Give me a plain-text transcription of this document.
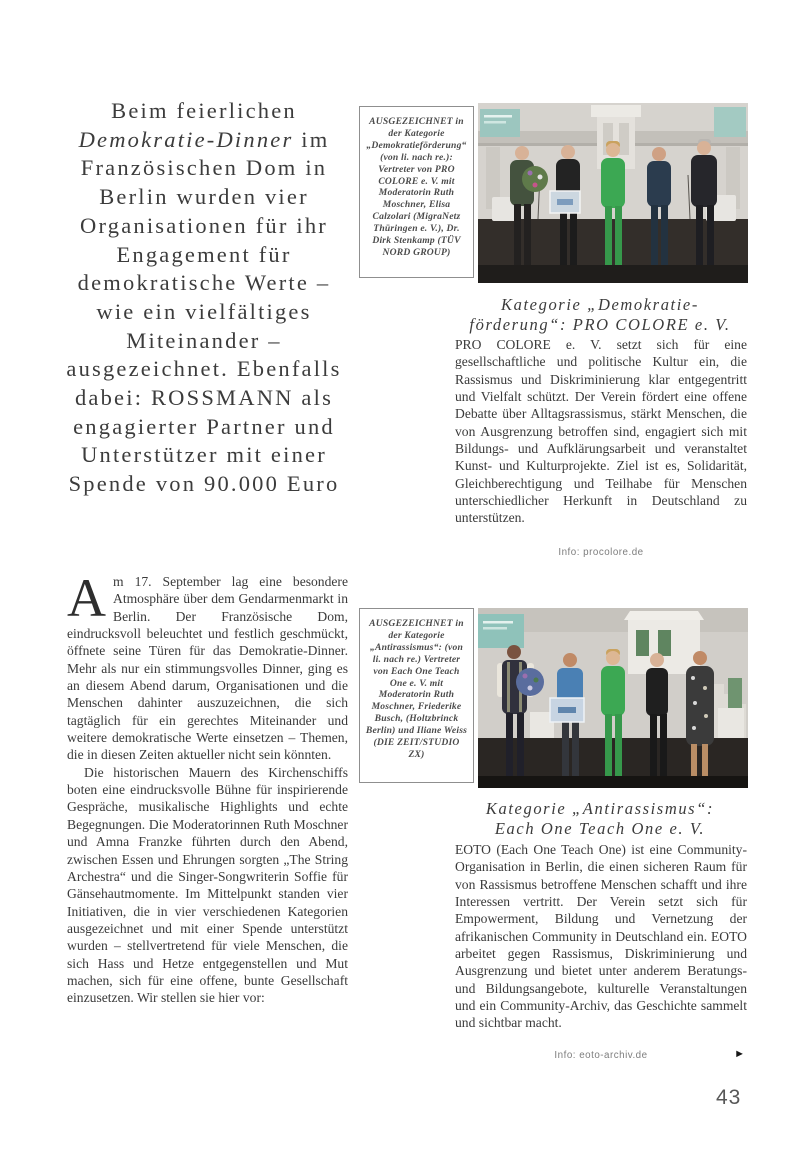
Beim feierlichen Demokratie-Dinner im Französischen Dom in Berlin wurden vier Organisationen für ihr Engagement für demokratische Werte – wie ein vielfältiges Miteinander – ausgezeichnet. Ebenfalls dabei: ROSSMANN als engagierter Partner und Unterstützer mit einer Spende von 90.000 Euro

Am 17. September lag eine besondere Atmosphäre über dem Gendarmenmarkt in Berlin. Der Französische Dom, eindrucksvoll beleuchtet und festlich geschmückt, öffnete seine Türen für das Demokratie-Dinner. Mehr als nur ein stimmungsvolles Dinner, ging es an diesem Abend darum, Organisationen und die Menschen dahinter auszuzeichnen, die sich tagtäglich für ein gerechtes Miteinander und weitere demokratische Werte einsetzen – Themen, die in diesen Zeiten aktueller nicht sein könnten.

Die historischen Mauern des Kirchenschiffs boten eine eindrucksvolle Bühne für inspirierende Gespräche, musikalische Highlights und echte Begegnungen. Die Moderatorinnen Ruth Moschner und Amna Franzke führten durch den Abend, zwischen Essen und Ehrungen sorgten „The String Archestra“ und die Singer-Songwriterin Soffie für Gänsehautmomente. Im Mittelpunkt standen vier Initiativen, die in vier verschiedenen Kategorien ausgezeichnet und mit einer Spende unterstützt wurden – stellvertretend für viele Menschen, die sich Hass und Hetze entgegenstellen und Mut machen, sich für eine offene, bunte Gesellschaft einzusetzen. Wir stellen sie hier vor:

AUSGEZEICHNET in der Kategorie „Demokratieförderung“ (von li. nach re.): Vertreter von PRO COLORE e. V. mit Moderatorin Ruth Moschner, Elisa Calzolari (MigraNetz Thüringen e. V.), Dr. Dirk Stenkamp (TÜV NORD GROUP)
Kategorie „Demokratie-
förderung“: PRO COLORE e. V.
PRO COLORE e. V. setzt sich für eine gesellschaftliche und politische Kultur ein, die Rassismus und Diskriminierung klar entgegentritt und Vielfalt schützt. Der Verein fördert eine offene Debatte über Alltagsrassismus, stärkt Menschen, die von Ausgrenzung betroffen sind, engagiert sich mit Bildungs- und Aufklärungsarbeit und veranstaltet Kunst- und Kulturprojekte. Ziel ist es, Solidarität, Gleichberechtigung und Teilhabe für Menschen unterschiedlicher Herkunft in Deutschland zu unterstützen.
Info: procolore.de
AUSGEZEICHNET in der Kategorie „Antirassismus“: (von li. nach re.) Vertreter von Each One Teach One e. V. mit Moderatorin Ruth Moschner, Friederike Busch, (Holtzbrinck Berlin) und Iliane Weiss (DIE ZEIT/STUDIO ZX)
Kategorie „Antirassismus“:
Each One Teach One e. V.
EOTO (Each One Teach One) ist eine Community-Organisation in Berlin, die einen sicheren Raum für von Rassismus betroffene Menschen schafft und ihre Interessen vertritt. Der Verein setzt sich für Empowerment, Bildung und Vernetzung der afrikanischen Community in Deutschland ein. EOTO arbeitet gegen Rassismus, Diskriminierung und Ausgrenzung und bietet unter anderem Beratungs- und Bildungsangebote, kulturelle Veranstaltungen und ein Community-Archiv, das Geschichte sammelt und sichtbar macht.
Info: eoto-archiv.de	►
43
